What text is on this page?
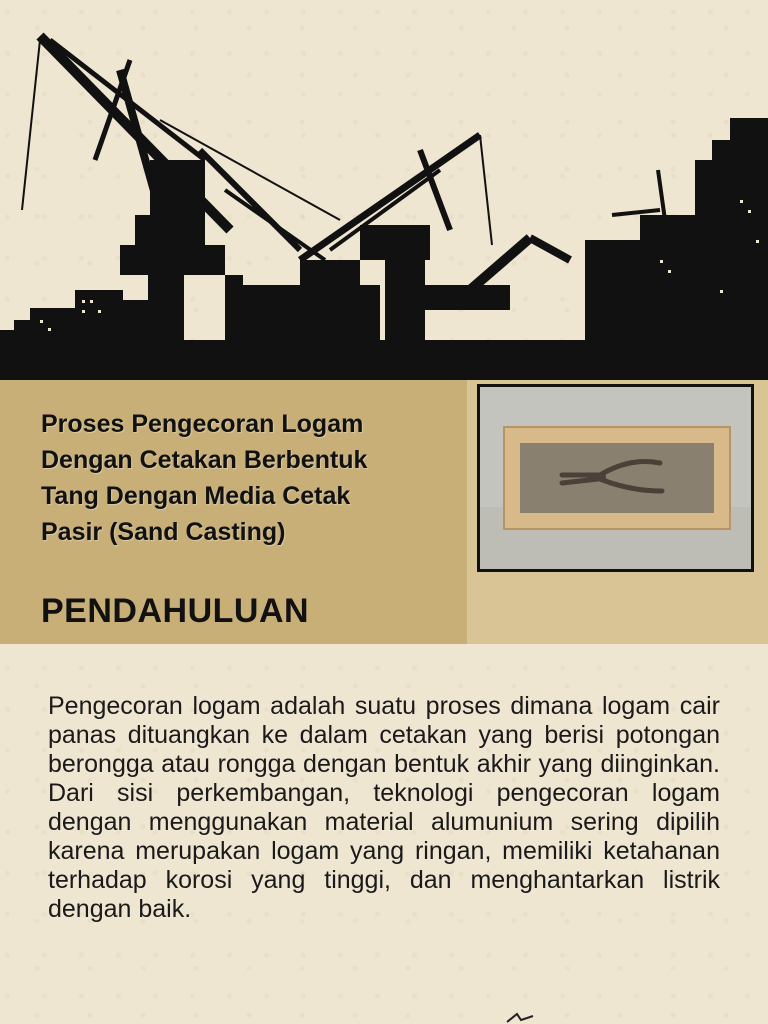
Proses Pengecoran Logam
Dengan Cetakan Berbentuk
Tang Dengan Media Cetak
Pasir (Sand Casting)
PENDAHULUAN

Pengecoran logam adalah suatu proses dimana logam cair panas dituangkan ke dalam cetakan yang berisi potongan berongga atau rongga dengan bentuk akhir yang diinginkan. Dari sisi perkembangan, teknologi pengecoran logam dengan menggunakan material alumunium sering dipilih karena merupakan logam yang ringan, memiliki ketahanan terhadap korosi yang tinggi, dan menghantarkan listrik dengan baik.
